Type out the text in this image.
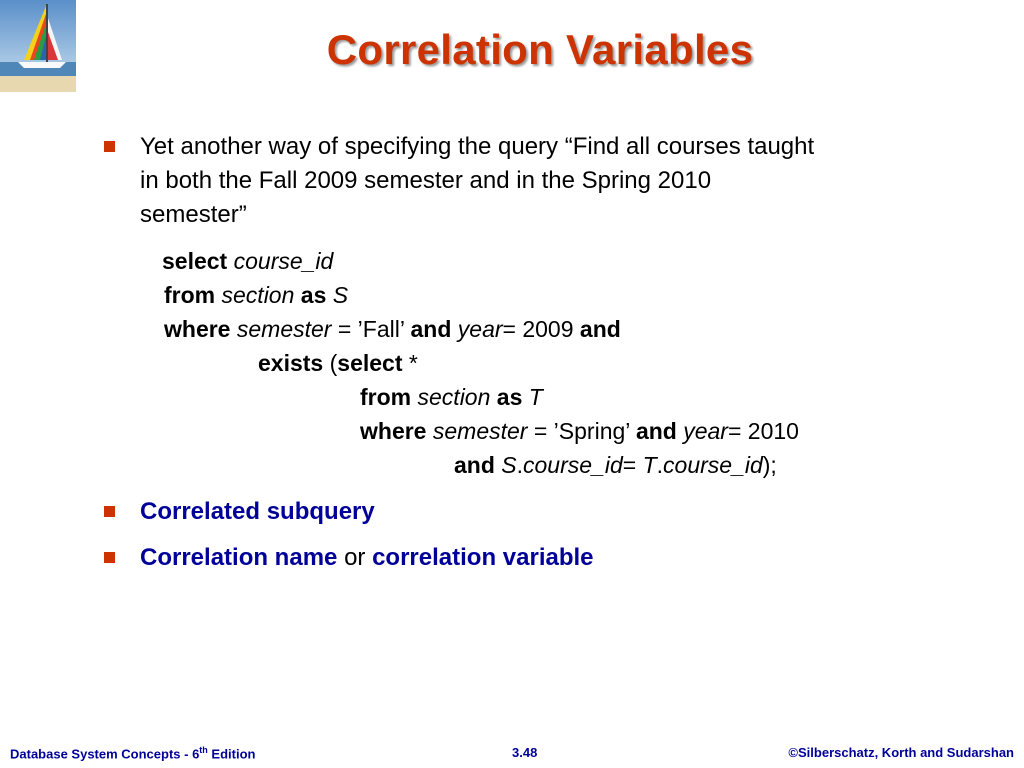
Correlation Variables
Yet another way of specifying the query “Find all courses taught
in both the Fall 2009 semester and in the Spring 2010
semester”
select course_id
from section as S
where semester = ’Fall’ and year= 2009 and
exists (select *
from section as T
where semester = ’Spring’ and year= 2010
and S.course_id= T.course_id);
Correlated subquery
Correlation name or correlation variable
Database System Concepts - 6th Edition	3.48	©Silberschatz, Korth and Sudarshan
